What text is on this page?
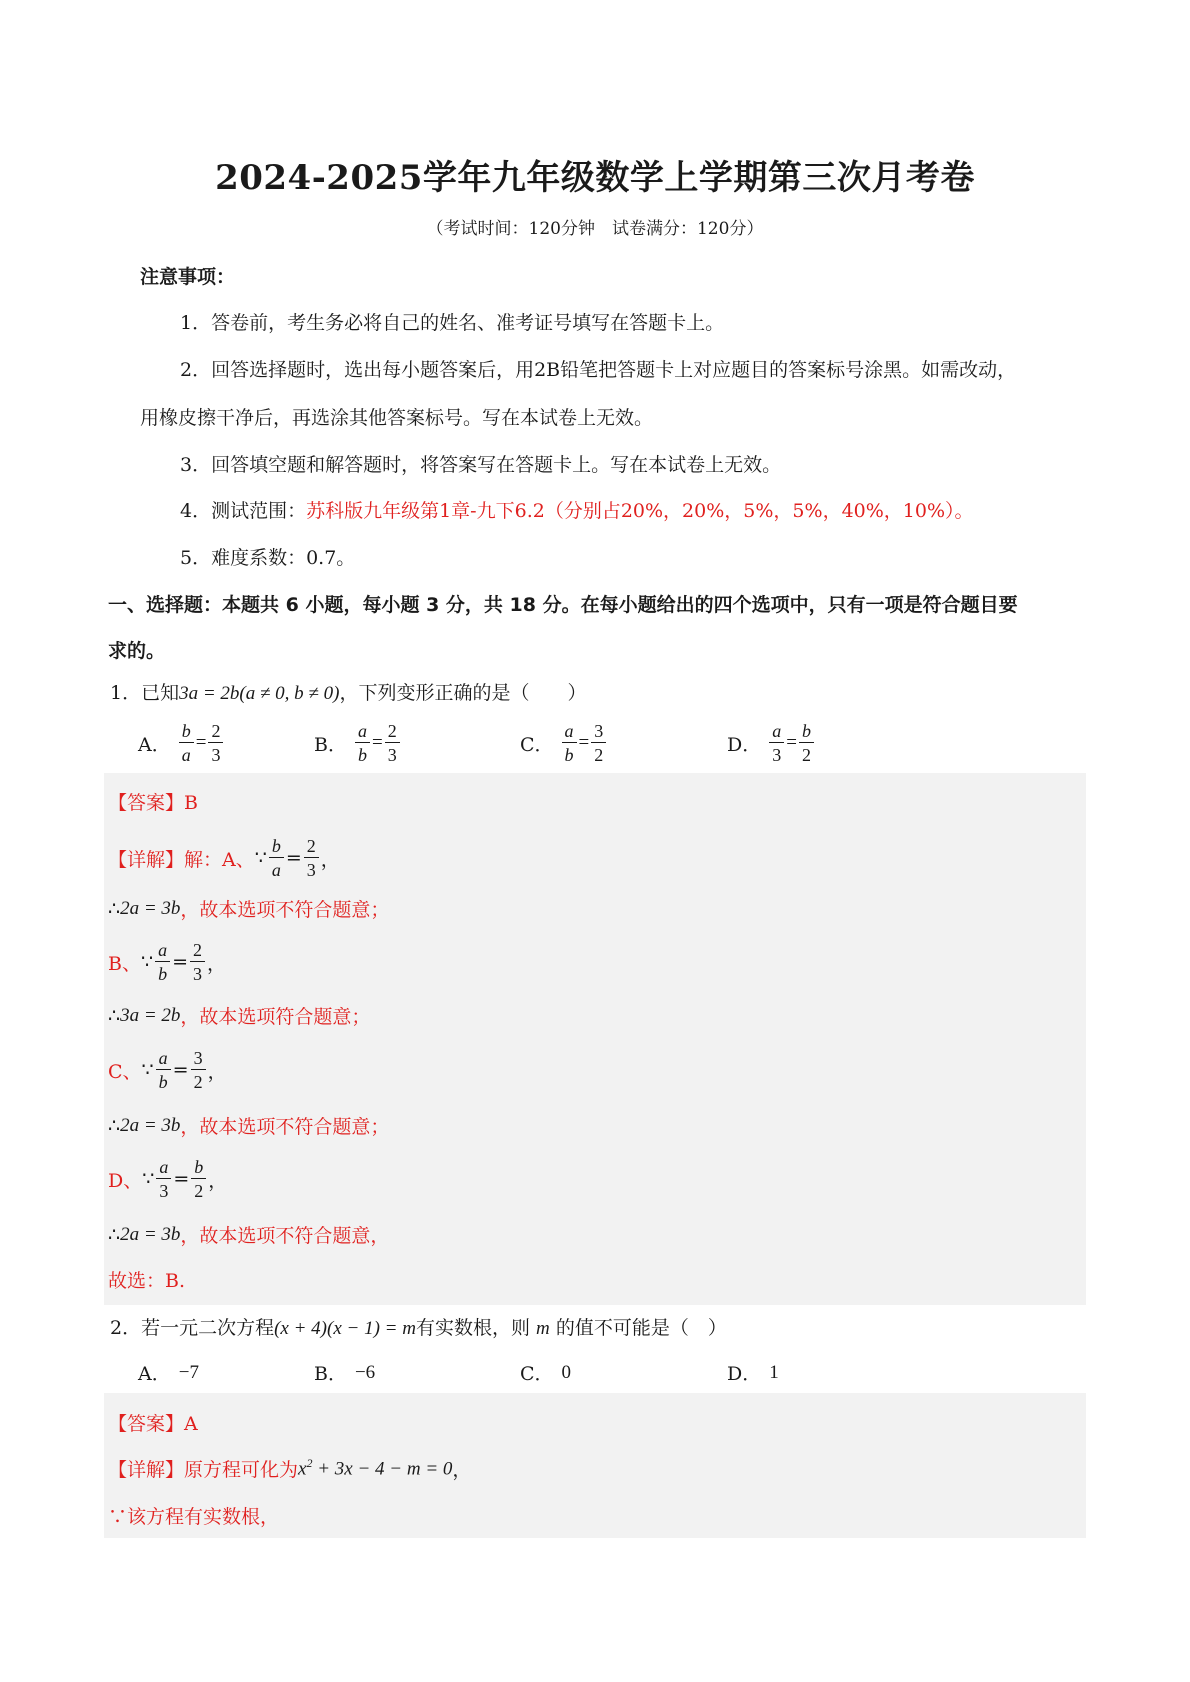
2024-2025学年九年级数学上学期第三次月考卷
（考试时间：120分钟　试卷满分：120分）
注意事项：
1．答卷前，考生务必将自己的姓名、准考证号填写在答题卡上。
2．回答选择题时，选出每小题答案后，用2B铅笔把答题卡上对应题目的答案标号涂黑。如需改动，
用橡皮擦干净后，再选涂其他答案标号。写在本试卷上无效。
3．回答填空题和解答题时，将答案写在答题卡上。写在本试卷上无效。
4．测试范围：苏科版九年级第1章-九下6.2（分别占20%，20%，5%，5%，40%，10%）。
5．难度系数：0.7。
一、选择题：本题共 6 小题，每小题 3 分，共 18 分。在每小题给出的四个选项中，只有一项是符合题目要
求的。
1．已知3a = 2b(a ≠ 0, b ≠ 0)，下列变形正确的是（　　）
A． $\frac{b}{a} = \frac{2}{3}$	B． $\frac{a}{b} = \frac{2}{3}$	C． $\frac{a}{b} = \frac{3}{2}$	D． $\frac{a}{3} = \frac{b}{2}$
【答案】B
【详解】解：A、 ∵ $\frac{b}{a} = \frac{2}{3}$ ，
∴ 2a = 3b ，故本选项不符合题意；
B、 ∵ $\frac{a}{b} = \frac{2}{3}$ ，
∴ 3a = 2b ，故本选项符合题意；
C、 ∵ $\frac{a}{b} = \frac{3}{2}$ ，
∴ 2a = 3b ，故本选项不符合题意；
D、 ∵ $\frac{a}{3} = \frac{b}{2}$ ，
∴ 2a = 3b ，故本选项不符合题意，
故选：B.
2．若一元二次方程(x + 4)(x − 1) = m有实数根，则 m 的值不可能是（　）
A． −7	B． −6	C． 0	D． 1
【答案】A
【详解】原方程可化为 $x^2 + 3x - 4 - m = 0$ ，
∵该方程有实数根，
